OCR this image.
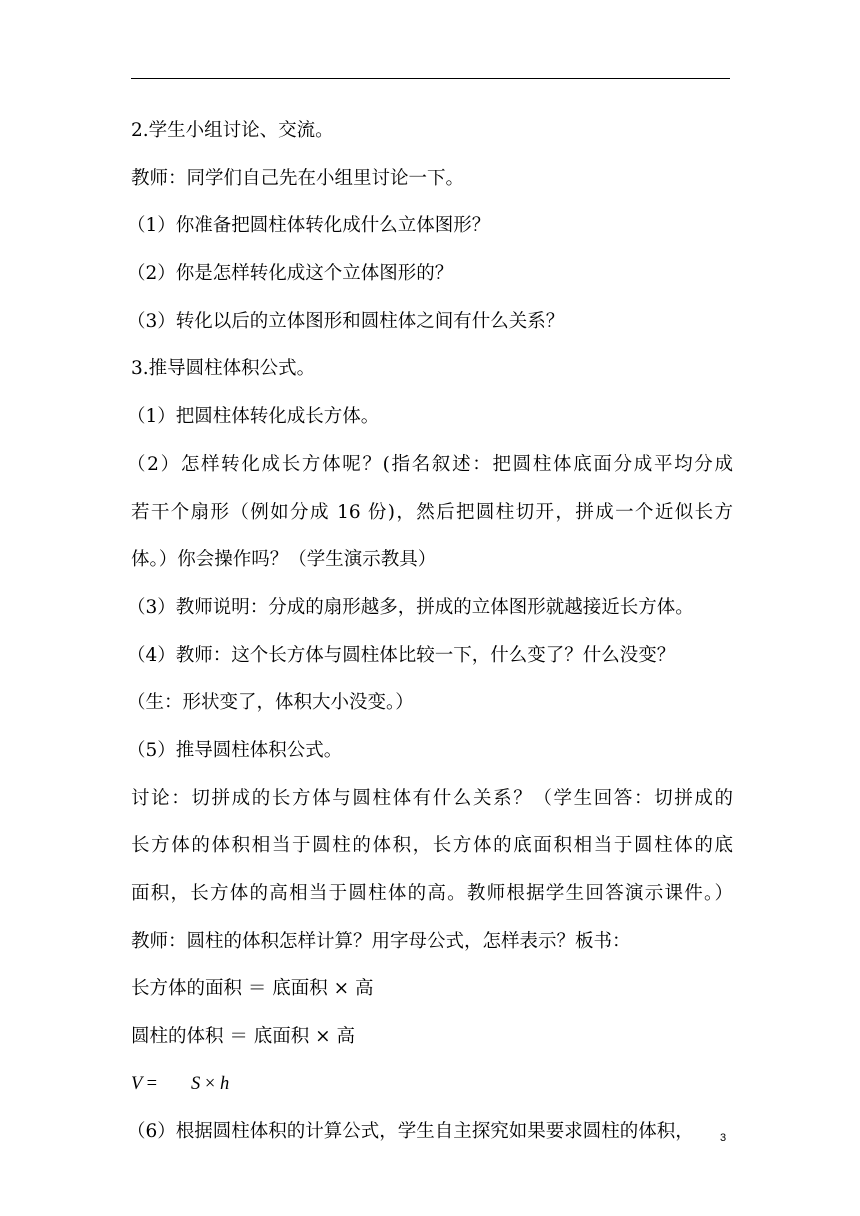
2.学生小组讨论、交流。
教师：同学们自己先在小组里讨论一下。
（1）你准备把圆柱体转化成什么立体图形？
（2）你是怎样转化成这个立体图形的？
（3）转化以后的立体图形和圆柱体之间有什么关系？
3.推导圆柱体积公式。
（1）把圆柱体转化成长方体。
（2）怎样转化成长方体呢？(指名叙述：把圆柱体底面分成平均分成
若干个扇形（例如分成 16 份)，然后把圆柱切开，拼成一个近似长方
体。）你会操作吗？（学生演示教具）
（3）教师说明：分成的扇形越多，拼成的立体图形就越接近长方体。
（4）教师：这个长方体与圆柱体比较一下，什么变了？什么没变？
（生：形状变了，体积大小没变。）
（5）推导圆柱体积公式。
讨论：切拼成的长方体与圆柱体有什么关系？（学生回答：切拼成的
长方体的体积相当于圆柱的体积，长方体的底面积相当于圆柱体的底
面积，长方体的高相当于圆柱体的高。教师根据学生回答演示课件。）
教师：圆柱的体积怎样计算？用字母公式，怎样表示？板书：
长方体的面积 ＝ 底面积 × 高
圆柱的体积 ＝ 底面积 × 高
V = S × h
（6）根据圆柱体积的计算公式，学生自主探究如果要求圆柱的体积，	3
